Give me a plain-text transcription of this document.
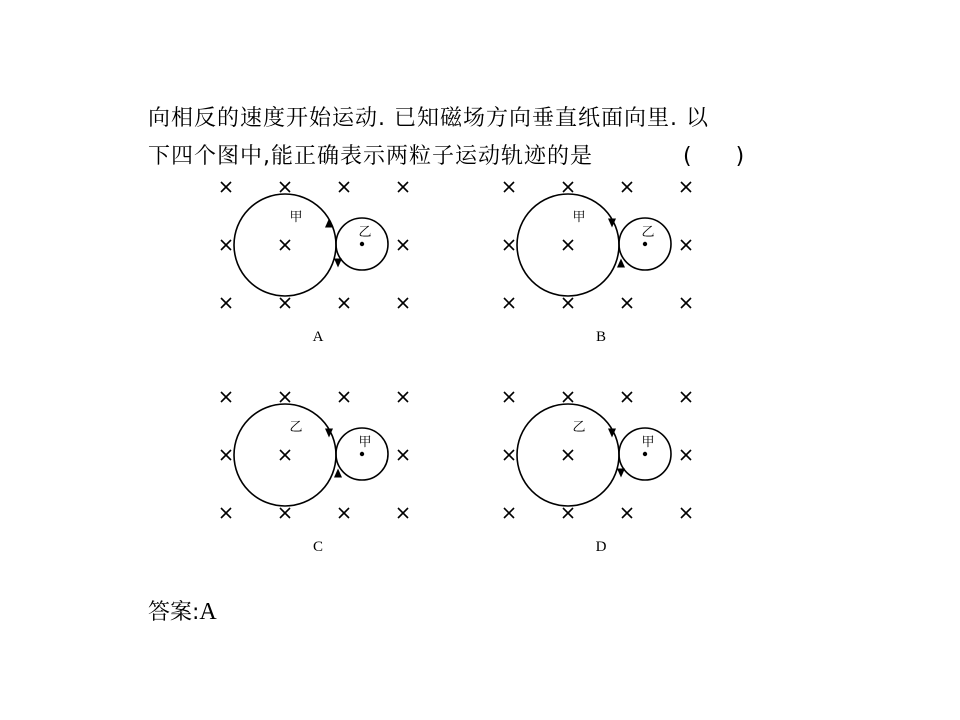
向相反的速度开始运动. 已知磁场方向垂直纸面向里. 以
下四个图中,能正确表示两粒子运动轨迹的是	(　　)
甲
乙
A
甲
乙
B
乙
甲
C
乙
甲
D
答案:A
